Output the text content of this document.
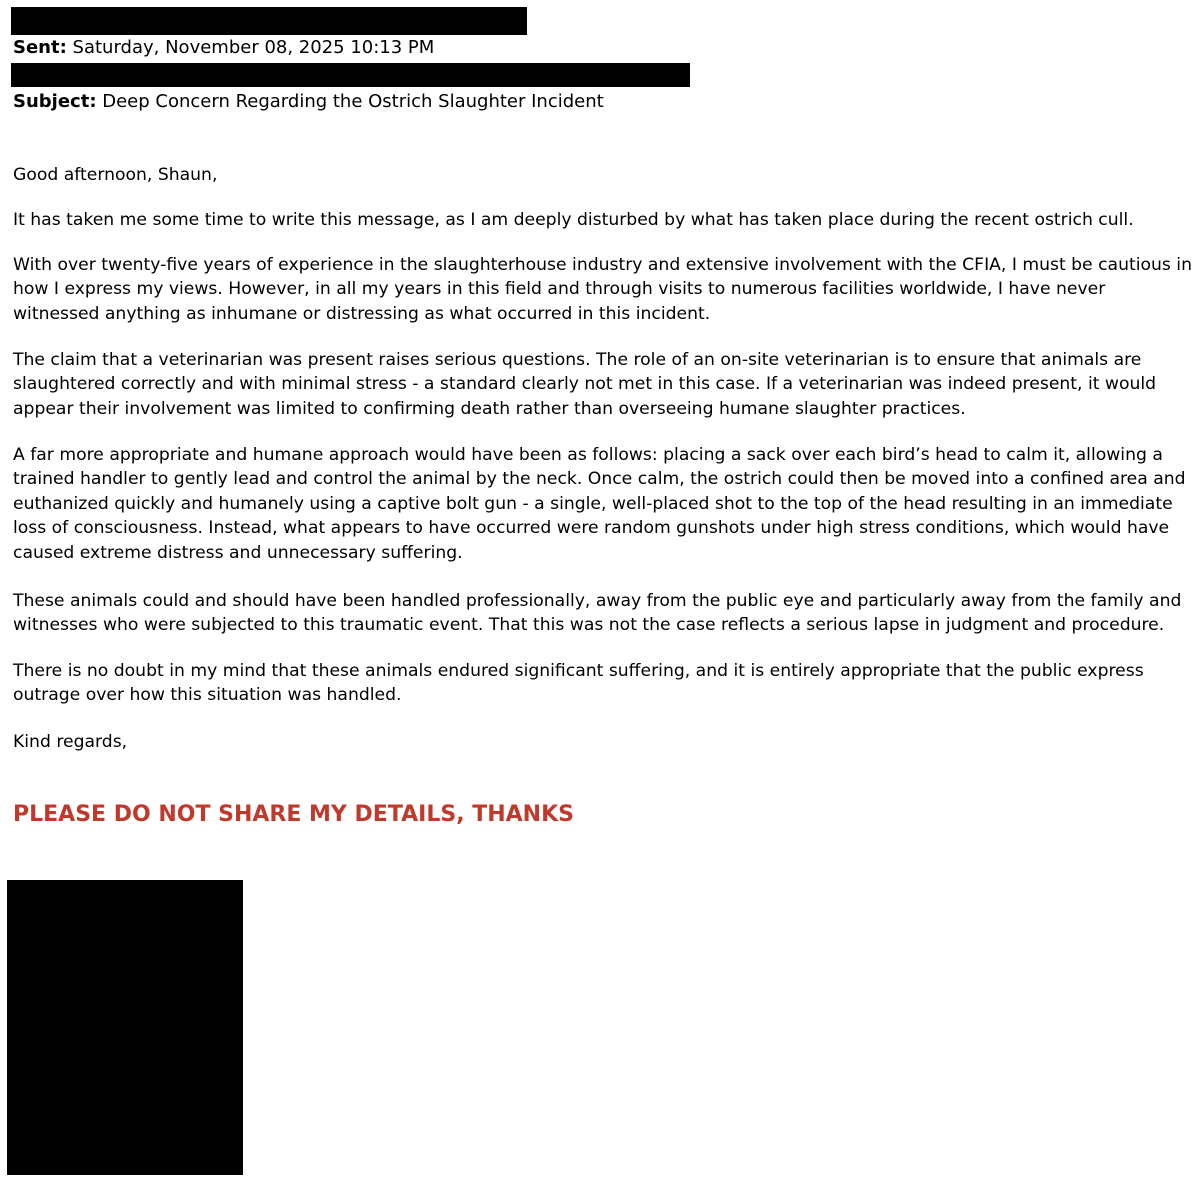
Sent: Saturday, November 08, 2025 10:13 PM
Subject: Deep Concern Regarding the Ostrich Slaughter Incident

Good afternoon, Shaun,

It has taken me some time to write this message, as I am deeply disturbed by what has taken place during the recent ostrich cull.

With over twenty-five years of experience in the slaughterhouse industry and extensive involvement with the CFIA, I must be cautious in how I express my views. However, in all my years in this field and through visits to numerous facilities worldwide, I have never witnessed anything as inhumane or distressing as what occurred in this incident.

The claim that a veterinarian was present raises serious questions. The role of an on-site veterinarian is to ensure that animals are slaughtered correctly and with minimal stress - a standard clearly not met in this case. If a veterinarian was indeed present, it would appear their involvement was limited to confirming death rather than overseeing humane slaughter practices.

A far more appropriate and humane approach would have been as follows: placing a sack over each bird’s head to calm it, allowing a trained handler to gently lead and control the animal by the neck. Once calm, the ostrich could then be moved into a confined area and euthanized quickly and humanely using a captive bolt gun - a single, well-placed shot to the top of the head resulting in an immediate loss of consciousness. Instead, what appears to have occurred were random gunshots under high stress conditions, which would have caused extreme distress and unnecessary suffering.

These animals could and should have been handled professionally, away from the public eye and particularly away from the family and witnesses who were subjected to this traumatic event. That this was not the case reflects a serious lapse in judgment and procedure.

There is no doubt in my mind that these animals endured significant suffering, and it is entirely appropriate that the public express outrage over how this situation was handled.

Kind regards,

PLEASE DO NOT SHARE MY DETAILS, THANKS
